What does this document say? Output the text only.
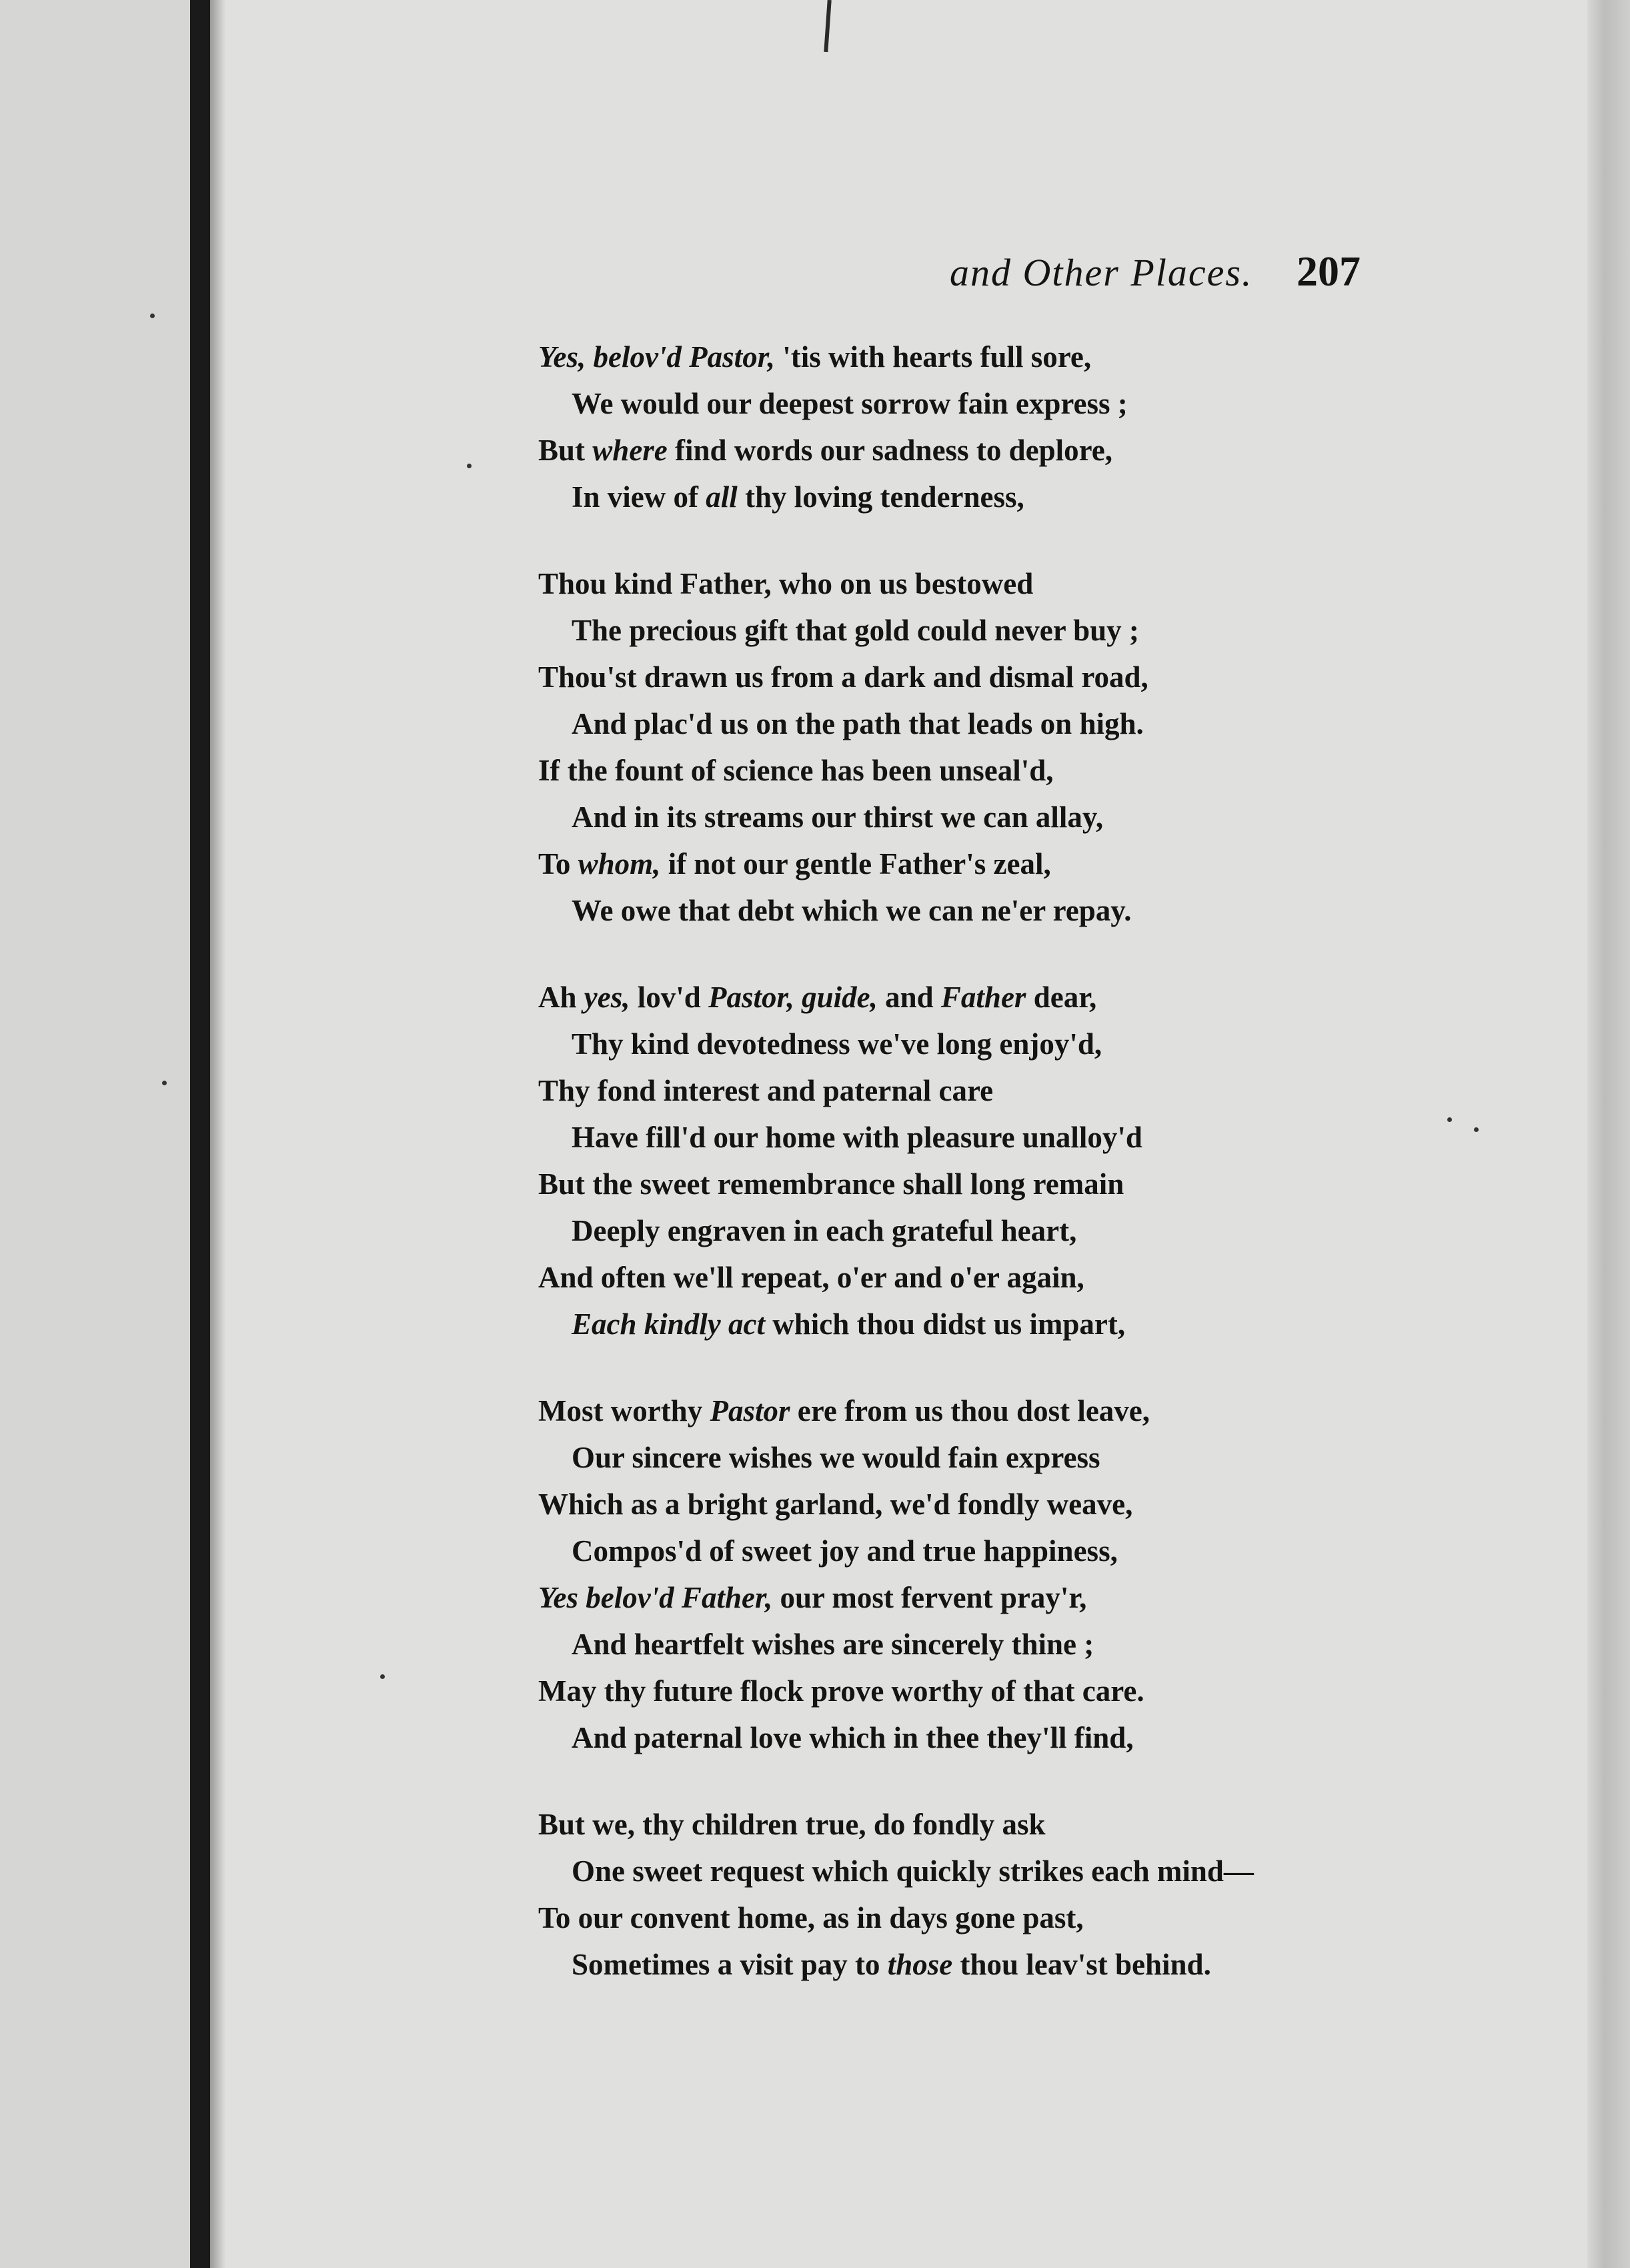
and Other Places. 207

Yes, belov'd Pastor, 'tis with hearts full sore,

We would our deepest sorrow fain express ;

But where find words our sadness to deplore,

In view of all thy loving tenderness,

Thou kind Father, who on us bestowed

The precious gift that gold could never buy ;

Thou'st drawn us from a dark and dismal road,

And plac'd us on the path that leads on high.

If the fount of science has been unseal'd,

And in its streams our thirst we can allay,

To whom, if not our gentle Father's zeal,

We owe that debt which we can ne'er repay.

Ah yes, lov'd Pastor, guide, and Father dear,

Thy kind devotedness we've long enjoy'd,

Thy fond interest and paternal care

Have fill'd our home with pleasure unalloy'd

But the sweet remembrance shall long remain

Deeply engraven in each grateful heart,

And often we'll repeat, o'er and o'er again,

Each kindly act which thou didst us impart,

Most worthy Pastor ere from us thou dost leave,

Our sincere wishes we would fain express

Which as a bright garland, we'd fondly weave,

Compos'd of sweet joy and true happiness,

Yes belov'd Father, our most fervent pray'r,

And heartfelt wishes are sincerely thine ;

May thy future flock prove worthy of that care.

And paternal love which in thee they'll find,

But we, thy children true, do fondly ask

One sweet request which quickly strikes each mind—

To our convent home, as in days gone past,

Sometimes a visit pay to those thou leav'st behind.
